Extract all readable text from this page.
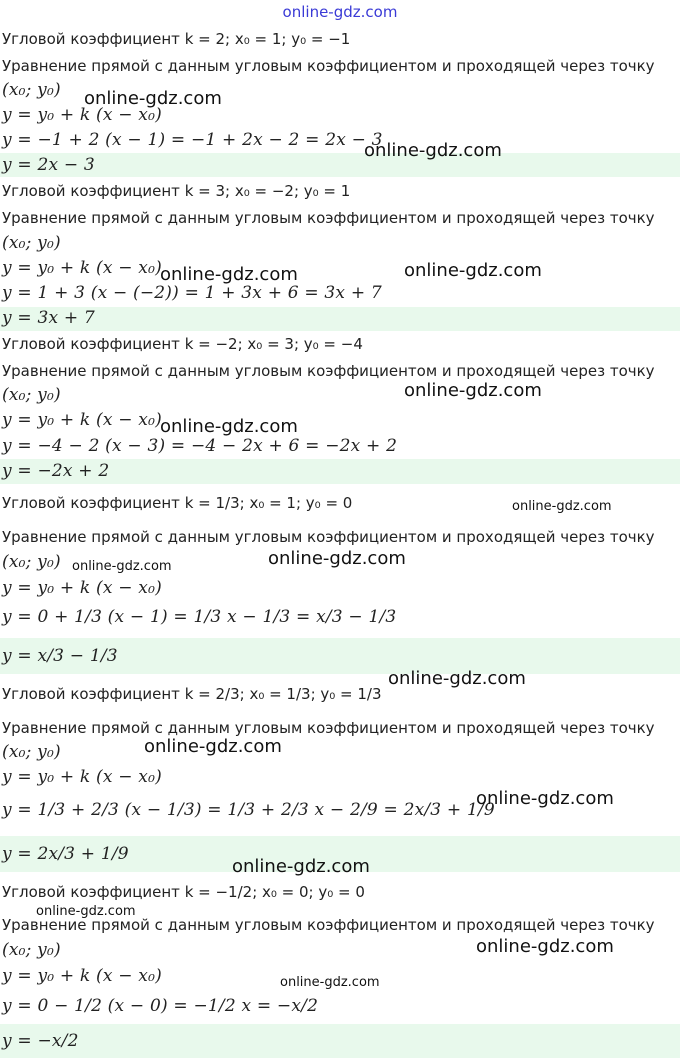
online-gdz.com
Угловой коэффициент k = 2; x₀ = 1; y₀ = −1
Уравнение прямой с данным угловым коэффициентом и проходящей через точку
(x₀; y₀)
y = y₀ + k (x − x₀)
y = −1 + 2 (x − 1) = −1 + 2x − 2 = 2x − 3
y = 2x − 3
Угловой коэффициент k = 3; x₀ = −2; y₀ = 1
Уравнение прямой с данным угловым коэффициентом и проходящей через точку
(x₀; y₀)
y = y₀ + k (x − x₀)
y = 1 + 3 (x − (−2)) = 1 + 3x + 6 = 3x + 7
y = 3x + 7
Угловой коэффициент k = −2; x₀ = 3; y₀ = −4
Уравнение прямой с данным угловым коэффициентом и проходящей через точку
(x₀; y₀)
y = y₀ + k (x − x₀)
y = −4 − 2 (x − 3) = −4 − 2x + 6 = −2x + 2
y = −2x + 2
Угловой коэффициент k = 1/3; x₀ = 1; y₀ = 0
Уравнение прямой с данным угловым коэффициентом и проходящей через точку
(x₀; y₀)
y = y₀ + k (x − x₀)
y = 0 + 1/3 (x − 1) = 1/3 x − 1/3 = x/3 − 1/3
y = x/3 − 1/3
Угловой коэффициент k = 2/3; x₀ = 1/3; y₀ = 1/3
Уравнение прямой с данным угловым коэффициентом и проходящей через точку
(x₀; y₀)
y = y₀ + k (x − x₀)
y = 1/3 + 2/3 (x − 1/3) = 1/3 + 2/3 x − 2/9 = 2x/3 + 1/9
y = 2x/3 + 1/9
Угловой коэффициент k = −1/2; x₀ = 0; y₀ = 0
Уравнение прямой с данным угловым коэффициентом и проходящей через точку
(x₀; y₀)
y = y₀ + k (x − x₀)
y = 0 − 1/2 (x − 0) = −1/2 x = −x/2
y = −x/2
online-gdz.com
online-gdz.com
online-gdz.com	online-gdz.com
online-gdz.com
online-gdz.com
online-gdz.com
online-gdz.com
online-gdz.com
online-gdz.com
online-gdz.com
online-gdz.com
online-gdz.com
online-gdz.com
online-gdz.com
online-gdz.com
